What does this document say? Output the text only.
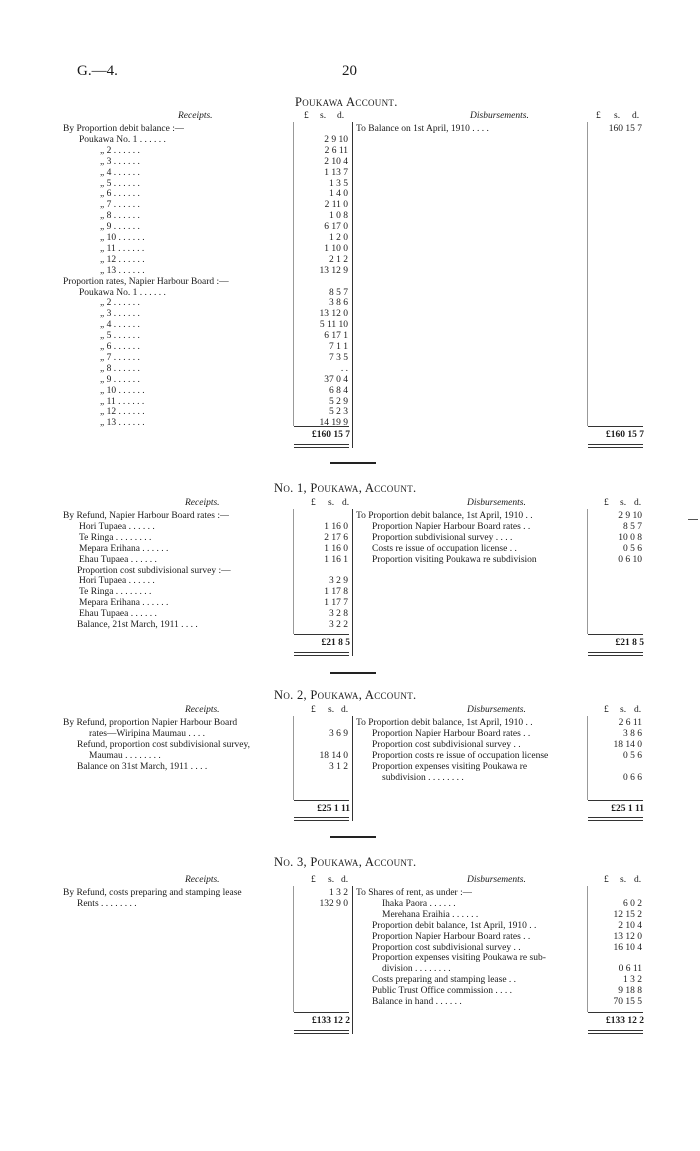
G.—4.	20
Poukawa Account.
Receipts.	Disbursements.
£	£
s.	s.
d.	d.
By Proportion debit balance :—
Poukawa No. 1 . . . . . .	2 9 10
„ 2 . . . . . .	2 6 11
„ 3 . . . . . .	2 10 4
„ 4 . . . . . .	1 13 7
„ 5 . . . . . .	1 3 5
„ 6 . . . . . .	1 4 0
„ 7 . . . . . .	2 11 0
„ 8 . . . . . .	1 0 8
„ 9 . . . . . .	6 17 0
„ 10 . . . . . .	1 2 0
„ 11 . . . . . .	1 10 0
„ 12 . . . . . .	2 1 2
„ 13 . . . . . .	13 12 9
Proportion rates, Napier Harbour Board :—
Poukawa No. 1 . . . . . .	8 5 7
„ 2 . . . . . .	3 8 6
„ 3 . . . . . .	13 12 0
„ 4 . . . . . .	5 11 10
„ 5 . . . . . .	6 17 1
„ 6 . . . . . .	7 1 1
„ 7 . . . . . .	7 3 5
„ 8 . . . . . .	. .
„ 9 . . . . . .	37 0 4
„ 10 . . . . . .	6 8 4
„ 11 . . . . . .	5 2 9
„ 12 . . . . . .	5 2 3
„ 13 . . . . . .	14 19 9
To Balance on 1st April, 1910 . . . .	160 15 7
£160 15 7	£160 15 7
No. 1, Poukawa, Account.
Receipts.	Disbursements.
£	£
s.	s.
d.	d.
By Refund, Napier Harbour Board rates :—
Hori Tupaea . . . . . .	1 16 0
Te Ringa . . . . . . . .	2 17 6
Mepara Erihana . . . . . .	1 16 0
Ehau Tupaea . . . . . .	1 16 1
Proportion cost subdivisional survey :—
Hori Tupaea . . . . . .	3 2 9
Te Ringa . . . . . . . .	1 17 8
Mepara Erihana . . . . . .	1 17 7
Ehau Tupaea . . . . . .	3 2 8
Balance, 21st March, 1911 . . . .	3 2 2
To Proportion debit balance, 1st April, 1910 . .	2 9 10
Proportion Napier Harbour Board rates . .	8 5 7
Proportion subdivisional survey . . . .	10 0 8
Costs re issue of occupation license . .	0 5 6
Proportion visiting Poukawa re subdivision	0 6 10
£21 8 5	£21 8 5
No. 2, Poukawa, Account.
Receipts.	Disbursements.
£	£
s.	s.
d.	d.
By Refund, proportion Napier Harbour Board
rates—Wiripina Maumau . . . .	3 6 9
Refund, proportion cost subdivisional survey,
Maumau . . . . . . . .	18 14 0
Balance on 31st March, 1911 . . . .	3 1 2
To Proportion debit balance, 1st April, 1910 . .	2 6 11
Proportion Napier Harbour Board rates . .	3 8 6
Proportion cost subdivisional survey . .	18 14 0
Proportion costs re issue of occupation license	0 5 6
Proportion expenses visiting Poukawa re
subdivision . . . . . . . .	0 6 6
£25 1 11	£25 1 11
No. 3, Poukawa, Account.
Receipts.	Disbursements.
£	£
s.	s.
d.	d.
By Refund, costs preparing and stamping lease	1 3 2
Rents . . . . . . . .	132 9 0
To Shares of rent, as under :—
Ihaka Paora . . . . . .	6 0 2
Merehana Eraihia . . . . . .	12 15 2
Proportion debit balance, 1st April, 1910 . .	2 10 4
Proportion Napier Harbour Board rates . .	13 12 0
Proportion cost subdivisional survey . .	16 10 4
Proportion expenses visiting Poukawa re sub-
division . . . . . . . .	0 6 11
Costs preparing and stamping lease . .	1 3 2
Public Trust Office commission . . . .	9 18 8
Balance in hand . . . . . .	70 15 5
£133 12 2	£133 12 2
